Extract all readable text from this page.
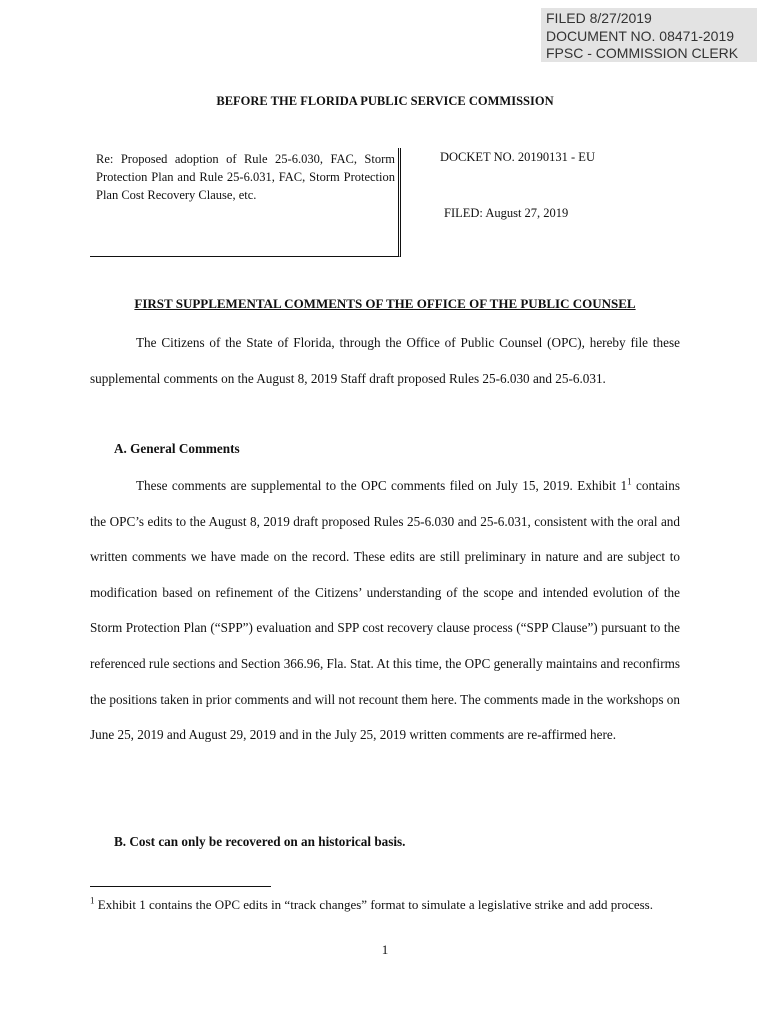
FILED 8/27/2019
DOCUMENT NO. 08471-2019
FPSC - COMMISSION CLERK
BEFORE THE FLORIDA PUBLIC SERVICE COMMISSION
Re: Proposed adoption of Rule 25-6.030, FAC, Storm Protection Plan and Rule 25-6.031, FAC, Storm Protection Plan Cost Recovery Clause, etc.
DOCKET NO. 20190131 - EU
FILED: August 27, 2019
FIRST SUPPLEMENTAL COMMENTS OF THE OFFICE OF THE PUBLIC COUNSEL
The Citizens of the State of Florida, through the Office of Public Counsel (OPC), hereby file these supplemental comments on the August 8, 2019 Staff draft proposed Rules 25-6.030 and 25-6.031.
A. General Comments
These comments are supplemental to the OPC comments filed on July 15, 2019. Exhibit $1^1$ contains the OPC’s edits to the August 8, 2019 draft proposed Rules 25-6.030 and 25-6.031, consistent with the oral and written comments we have made on the record. These edits are still preliminary in nature and are subject to modification based on refinement of the Citizens’ understanding of the scope and intended evolution of the Storm Protection Plan (“SPP”) evaluation and SPP cost recovery clause process (“SPP Clause”) pursuant to the referenced rule sections and Section 366.96, Fla. Stat. At this time, the OPC generally maintains and reconfirms the positions taken in prior comments and will not recount them here. The comments made in the workshops on June 25, 2019 and August 29, 2019 and in the July 25, 2019 written comments are re-affirmed here.
B. Cost can only be recovered on an historical basis.
$^1$ Exhibit 1 contains the OPC edits in “track changes” format to simulate a legislative strike and add process.
1
